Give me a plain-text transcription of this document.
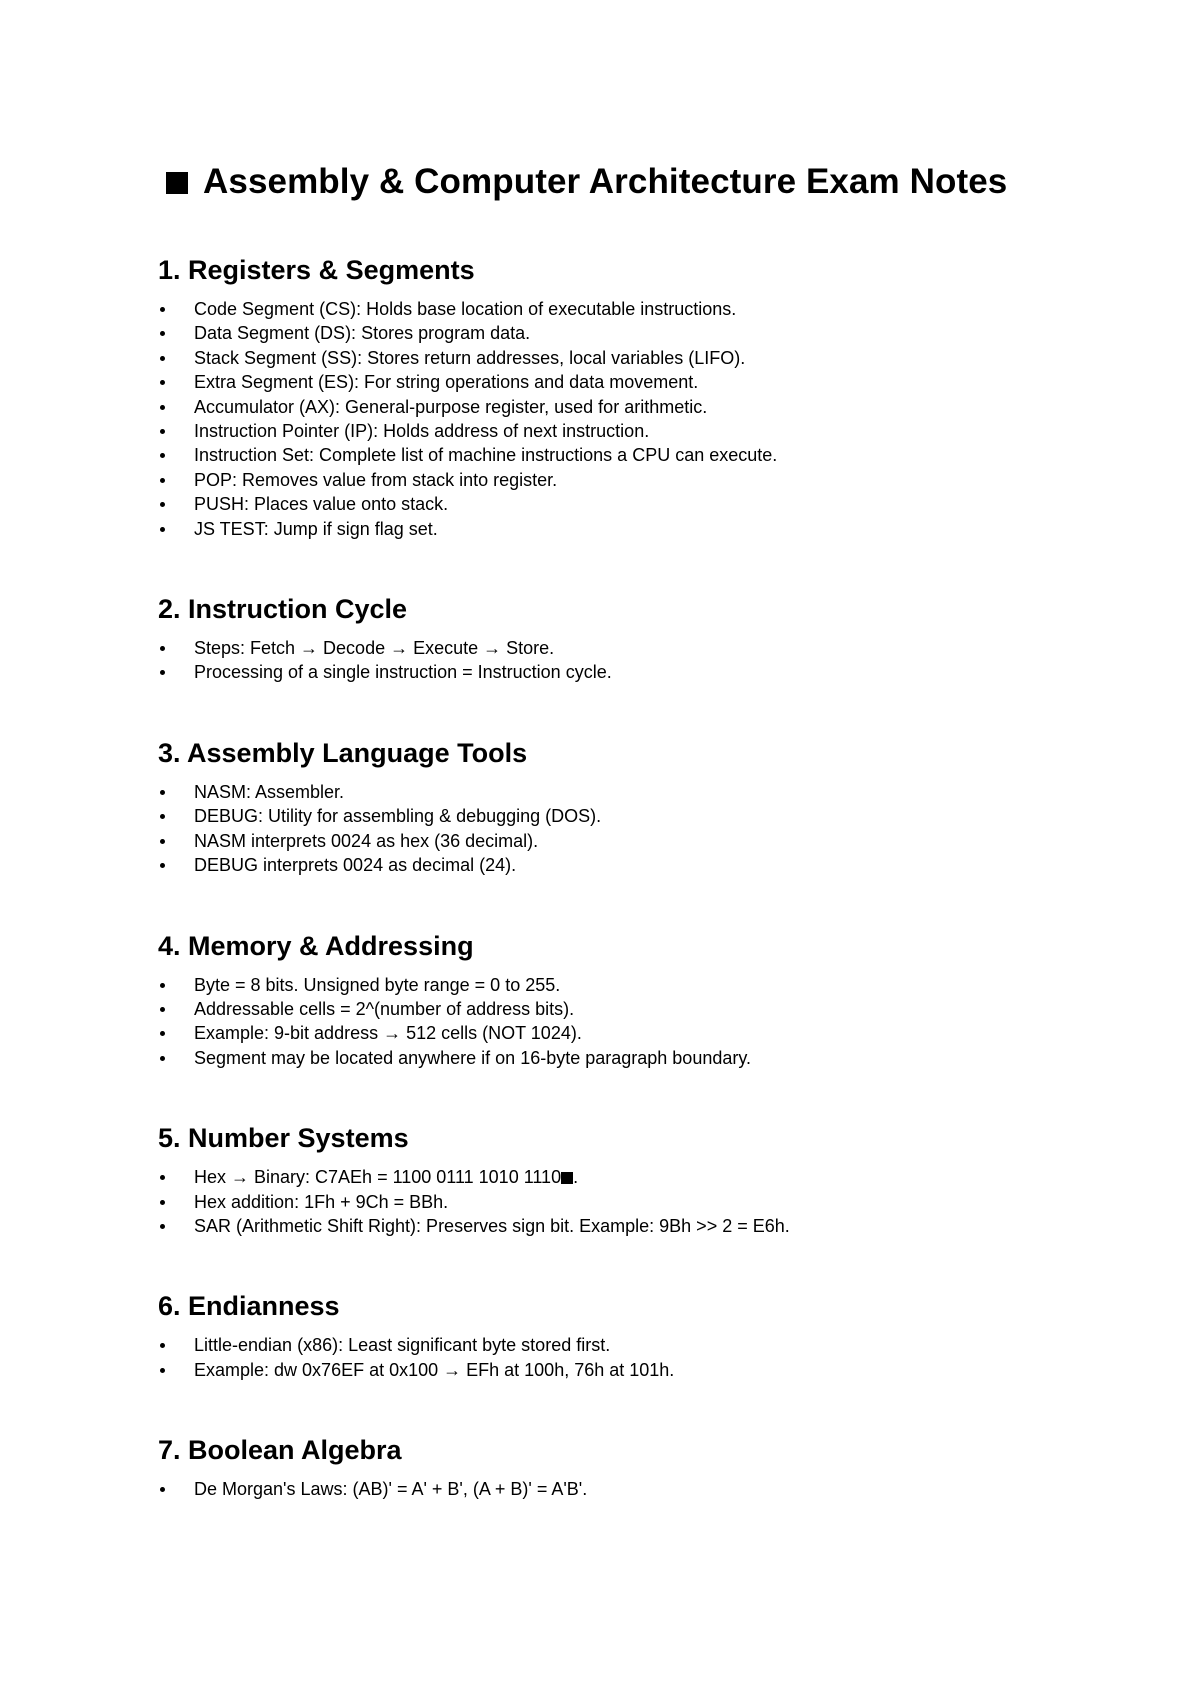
Assembly & Computer Architecture Exam Notes
1. Registers & Segments
Code Segment (CS): Holds base location of executable instructions.
Data Segment (DS): Stores program data.
Stack Segment (SS): Stores return addresses, local variables (LIFO).
Extra Segment (ES): For string operations and data movement.
Accumulator (AX): General-purpose register, used for arithmetic.
Instruction Pointer (IP): Holds address of next instruction.
Instruction Set: Complete list of machine instructions a CPU can execute.
POP: Removes value from stack into register.
PUSH: Places value onto stack.
JS TEST: Jump if sign flag set.
2. Instruction Cycle
Steps: Fetch → Decode → Execute → Store.
Processing of a single instruction = Instruction cycle.
3. Assembly Language Tools
NASM: Assembler.
DEBUG: Utility for assembling & debugging (DOS).
NASM interprets 0024 as hex (36 decimal).
DEBUG interprets 0024 as decimal (24).
4. Memory & Addressing
Byte = 8 bits. Unsigned byte range = 0 to 255.
Addressable cells = 2^(number of address bits).
Example: 9-bit address → 512 cells (NOT 1024).
Segment may be located anywhere if on 16-byte paragraph boundary.
5. Number Systems
Hex → Binary: C7AEh = 1100 0111 1010 1110 .
Hex addition: 1Fh + 9Ch = BBh.
SAR (Arithmetic Shift Right): Preserves sign bit. Example: 9Bh >> 2 = E6h.
6. Endianness
Little-endian (x86): Least significant byte stored first.
Example: dw 0x76EF at 0x100 → EFh at 100h, 76h at 101h.
7. Boolean Algebra
De Morgan's Laws: (AB)' = A' + B', (A + B)' = A'B'.
